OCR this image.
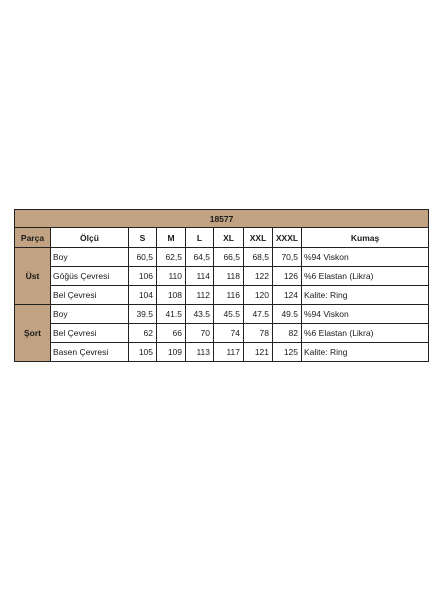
18577								
Parça	Ölçü	S	M	L	XL	XXL	XXXL	Kumaş
Üst	Boy	60,5	62,5	64,5	66,5	68,5	70,5	%94 Viskon
	Göğüs Çevresi	106	110	114	118	122	126	%6 Elastan (Likra)
	Bel Çevresi	104	108	112	116	120	124	Kalite: Ring
Şort	Boy	39.5	41.5	43.5	45.5	47.5	49.5	%94 Viskon
	Bel Çevresi	62	66	70	74	78	82	%6 Elastan (Likra)
	Basen Çevresi	105	109	113	117	121	125	Kalite: Ring
